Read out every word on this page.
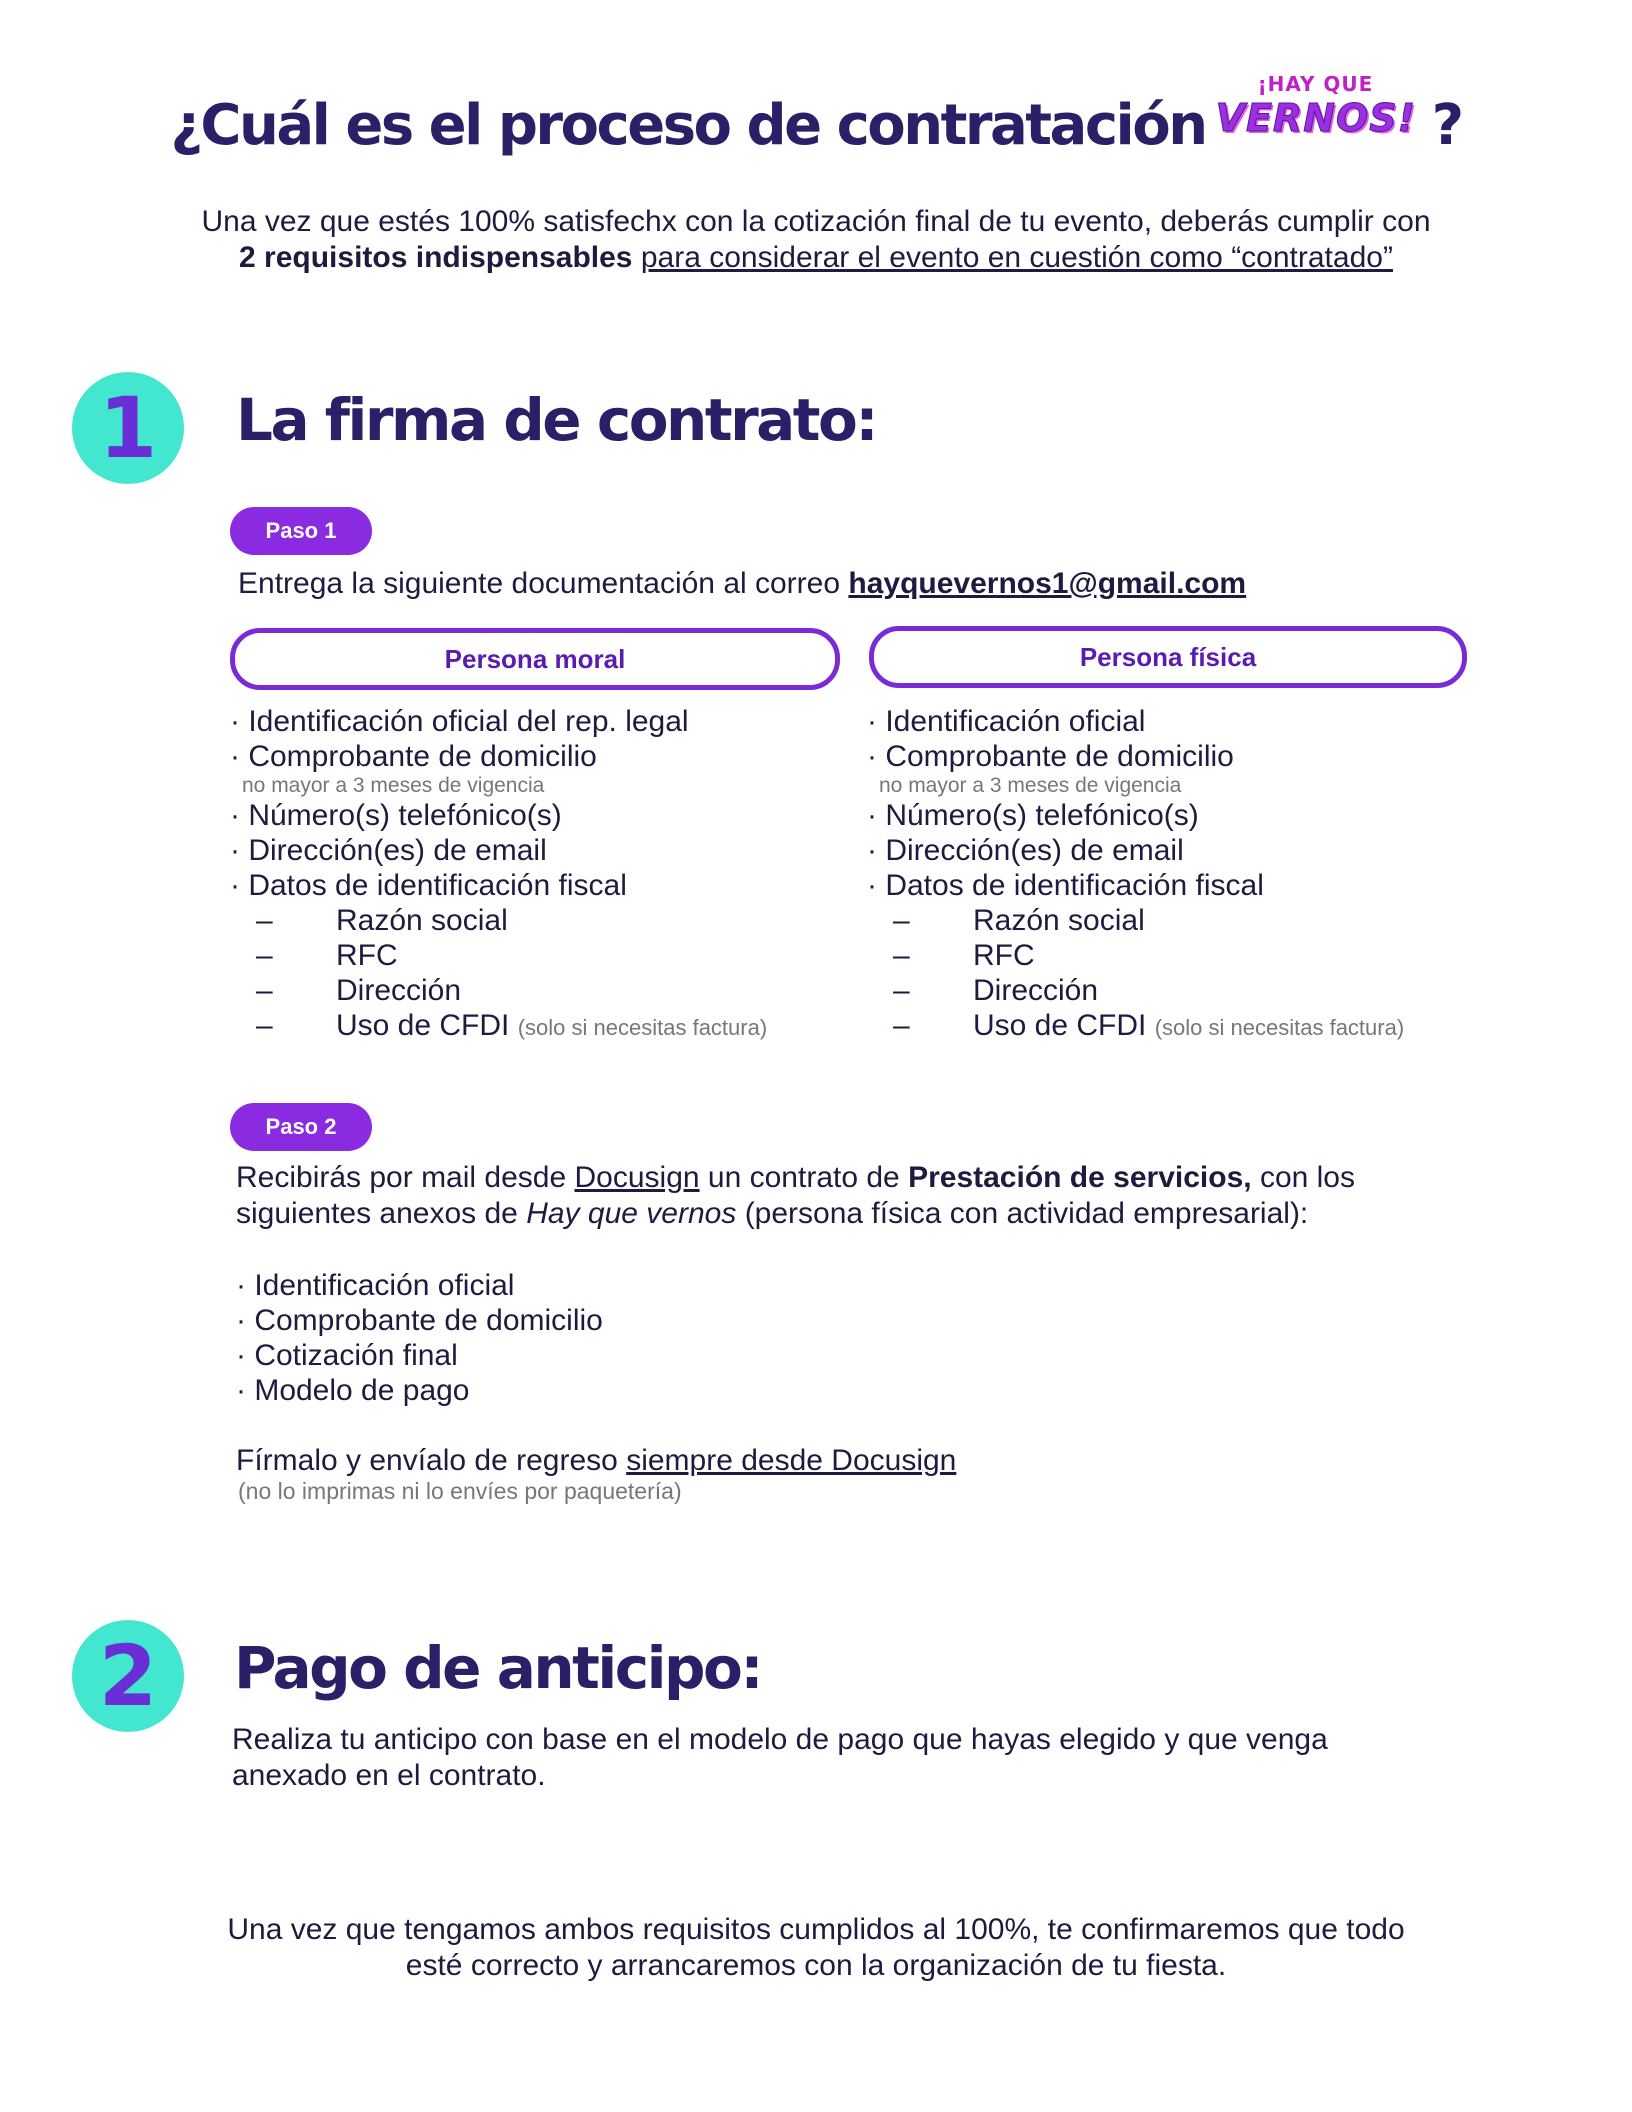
¿Cuál es el proceso de contratación
¡HAY QUE
VERNOS! ?
Una vez que estés 100% satisfechx con la cotización final de tu evento, deberás cumplir con
2 requisitos indispensables para considerar el evento en cuestión como “contratado”
1	La firma de contrato:
Paso 1
Entrega la siguiente documentación al correo hayquevernos1@gmail.com
Persona moral
· Identificación oficial del rep. legal
· Comprobante de domicilio
no mayor a 3 meses de vigencia
· Número(s) telefónico(s)
· Dirección(es) de email
· Datos de identificación fiscal
– Razón social
– RFC
– Dirección
– Uso de CFDI (solo si necesitas factura)
Persona física
· Identificación oficial
· Comprobante de domicilio
no mayor a 3 meses de vigencia
· Número(s) telefónico(s)
· Dirección(es) de email
· Datos de identificación fiscal
– Razón social
– RFC
– Dirección
– Uso de CFDI (solo si necesitas factura)
Paso 2
Recibirás por mail desde Docusign un contrato de Prestación de servicios, con los
siguientes anexos de Hay que vernos (persona física con actividad empresarial):
· Identificación oficial
· Comprobante de domicilio
· Cotización final
· Modelo de pago
Fírmalo y envíalo de regreso siempre desde Docusign
(no lo imprimas ni lo envíes por paquetería)
2	Pago de anticipo:
Realiza tu anticipo con base en el modelo de pago que hayas elegido y que venga
anexado en el contrato.
Una vez que tengamos ambos requisitos cumplidos al 100%, te confirmaremos que todo
esté correcto y arrancaremos con la organización de tu fiesta.
